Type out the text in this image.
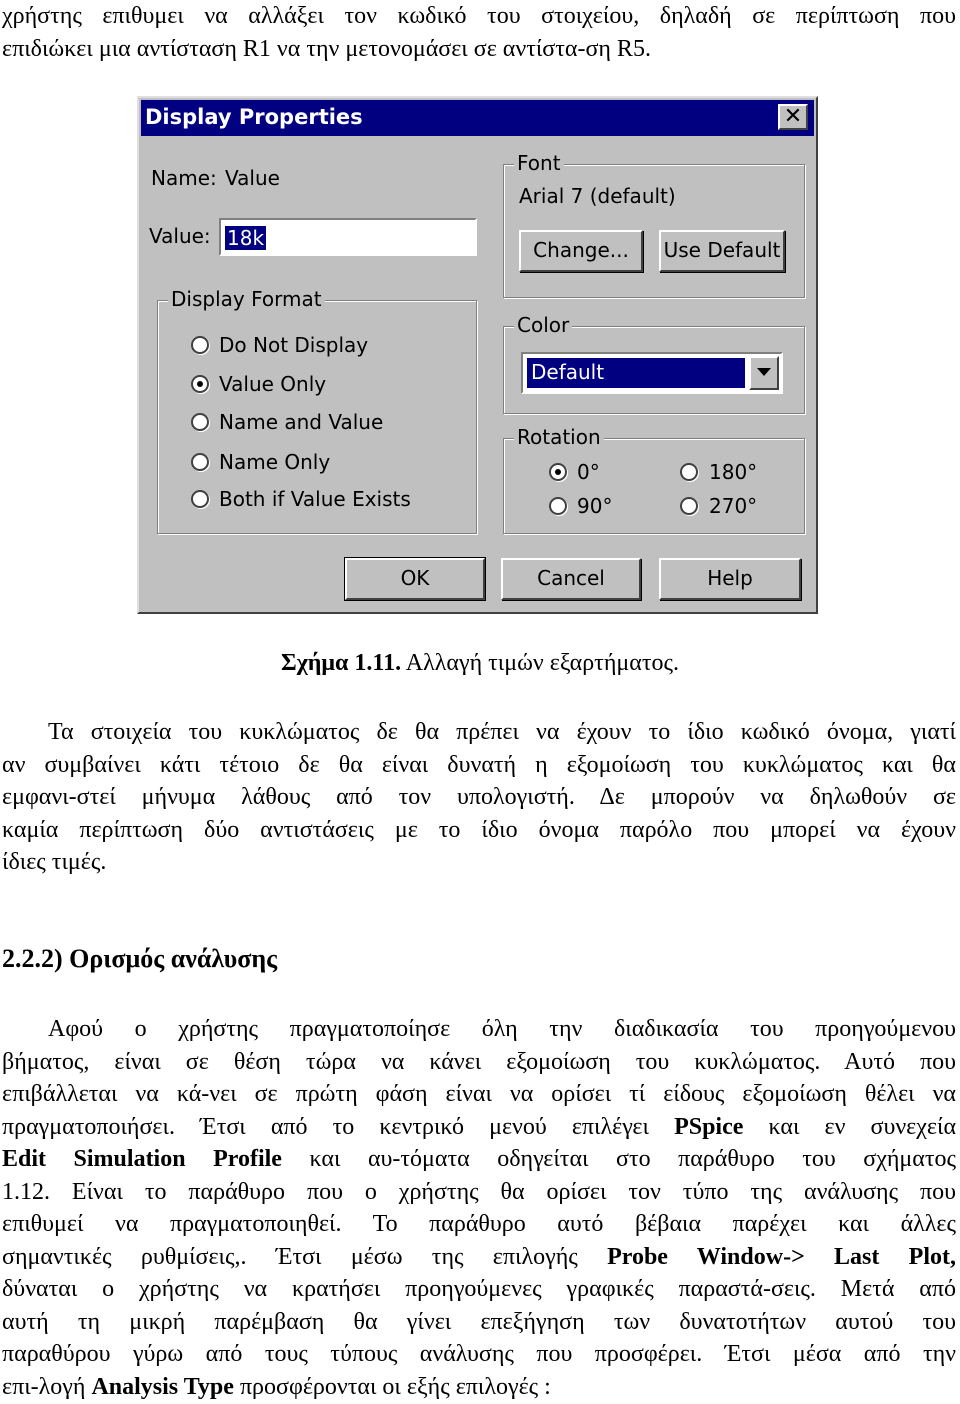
χρήστης επιθυμει να αλλάξει τον κωδικό του στοιχείου, δηλαδή σε περίπτωση που
επιδιώκει μια αντίσταση R1 να την μετονομάσει σε αντίστα-ση R5.
Display Properties	✕
Name: Value
Value: 18k
Display Format
Do Not Display
Value Only
Name and Value
Name Only
Both if Value Exists
Font
Arial 7 (default)
Change...	Use Default
Color
Default
Rotation
0°	180°
90°	270°
OK	Cancel	Help
Σχήμα 1.11. Αλλαγή τιμών εξαρτήματος.
Τα στοιχεία του κυκλώματος δε θα πρέπει να έχουν το ίδιο κωδικό όνομα, γιατί
αν συμβαίνει κάτι τέτοιο δε θα είναι δυνατή η εξομοίωση του κυκλώματος και θα
εμφανι-στεί μήνυμα λάθους από τον υπολογιστή. Δε μπορούν να δηλωθούν σε
καμία περίπτωση δύο αντιστάσεις με το ίδιο όνομα παρόλο που μπορεί να έχουν
ίδιες τιμές.
2.2.2) Ορισμός ανάλυσης
Αφού ο χρήστης πραγματοποίησε όλη την διαδικασία του προηγούμενου
βήματος, είναι σε θέση τώρα να κάνει εξομοίωση του κυκλώματος. Αυτό που
επιβάλλεται να κά-νει σε πρώτη φάση είναι να ορίσει τί είδους εξομοίωση θέλει να
πραγματοποιήσει. Έτσι από το κεντρικό μενού επιλέγει PSpice και εν συνεχεία
Edit Simulation Profile και αυ-τόματα οδηγείται στο παράθυρο του σχήματος
1.12. Είναι το παράθυρο που ο χρήστης θα ορίσει τον τύπο της ανάλυσης που
επιθυμεί να πραγματοποιηθεί. Το παράθυρο αυτό βέβαια παρέχει και άλλες
σημαντικές ρυθμίσεις,. Έτσι μέσω της επιλογής Probe Window-> Last Plot,
δύναται ο χρήστης να κρατήσει προηγούμενες γραφικές παραστά-σεις. Μετά από
αυτή τη μικρή παρέμβαση θα γίνει επεξήγηση των δυνατοτήτων αυτού του
παραθύρου γύρω από τους τύπους ανάλυσης που προσφέρει. Έτσι μέσα από την
επι-λογή Analysis Type προσφέρονται οι εξής επιλογές :
